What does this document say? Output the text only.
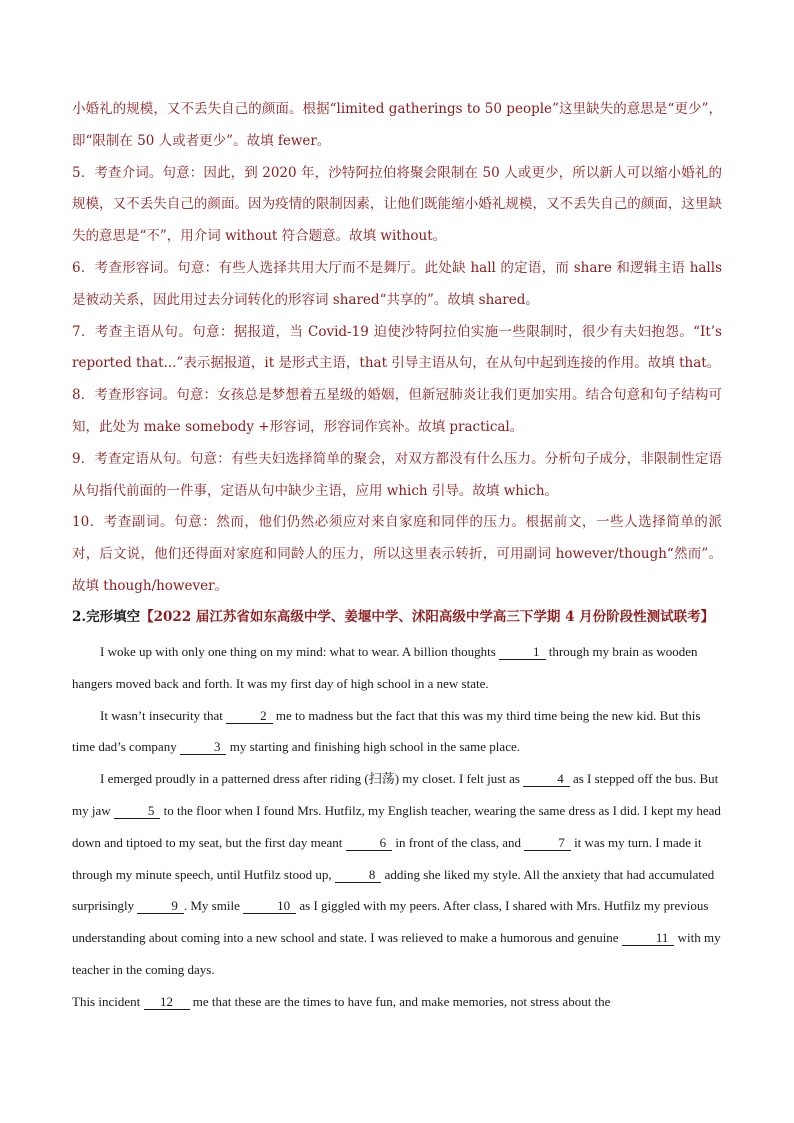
小婚礼的规模，又不丢失自己的颜面。根据“limited gatherings to 50 people”这里缺失的意思是“更少”，即“限制在 50 人或者更少”。故填 fewer。

5．考查介词。句意：因此，到 2020 年，沙特阿拉伯将聚会限制在 50 人或更少，所以新人可以缩小婚礼的规模，又不丢失自己的颜面。因为疫情的限制因素，让他们既能缩小婚礼规模，又不丢失自己的颜面，这里缺失的意思是“不”，用介词 without 符合题意。故填 without。

6．考查形容词。句意：有些人选择共用大厅而不是舞厅。此处缺 hall 的定语，而 share 和逻辑主语 halls 是被动关系，因此用过去分词转化的形容词 shared“共享的”。故填 shared。

7．考查主语从句。句意：据报道，当 Covid-19 迫使沙特阿拉伯实施一些限制时，很少有夫妇抱怨。“It’s reported that...”表示据报道，it 是形式主语，that 引导主语从句，在从句中起到连接的作用。故填 that。

8．考查形容词。句意：女孩总是梦想着五星级的婚姻，但新冠肺炎让我们更加实用。结合句意和句子结构可知，此处为 make somebody +形容词，形容词作宾补。故填 practical。

9．考查定语从句。句意：有些夫妇选择简单的聚会，对双方都没有什么压力。分析句子成分，非限制性定语从句指代前面的一件事，定语从句中缺少主语，应用 which 引导。故填 which。

10．考查副词。句意：然而，他们仍然必须应对来自家庭和同伴的压力。根据前文，一些人选择简单的派对，后文说，他们还得面对家庭和同龄人的压力，所以这里表示转折，可用副词 however/though“然而”。故填 though/however。

2.完形填空【2022 届江苏省如东高级中学、姜堰中学、沭阳高级中学高三下学期 4 月份阶段性测试联考】

I woke up with only one thing on my mind: what to wear. A billion thoughts	1 through my brain as wooden hangers moved back and forth. It was my first day of high school in a new state.

It wasn’t insecurity that	2 me to madness but the fact that this was my third time being the new kid. But this time dad’s company	3 my starting and finishing high school in the same place.

I emerged proudly in a patterned dress after riding (扫荡) my closet. I felt just as	4 as I stepped off the bus. But my jaw	5 to the floor when I found Mrs. Hutfilz, my English teacher, wearing the same dress as I did. I kept my head down and tiptoed to my seat, but the first day meant	6 in front of the class, and	7 it was my turn. I made it through my minute speech, until Hutfilz stood up,	8 adding she liked my style. All the anxiety that had accumulated surprisingly	9 . My smile	10 as I giggled with my peers. After class, I shared with Mrs. Hutfilz my previous understanding about coming into a new school and state. I was relieved to make a humorous and genuine	11 with my teacher in the coming days.

This incident 12 me that these are the times to have fun, and make memories, not stress about the
